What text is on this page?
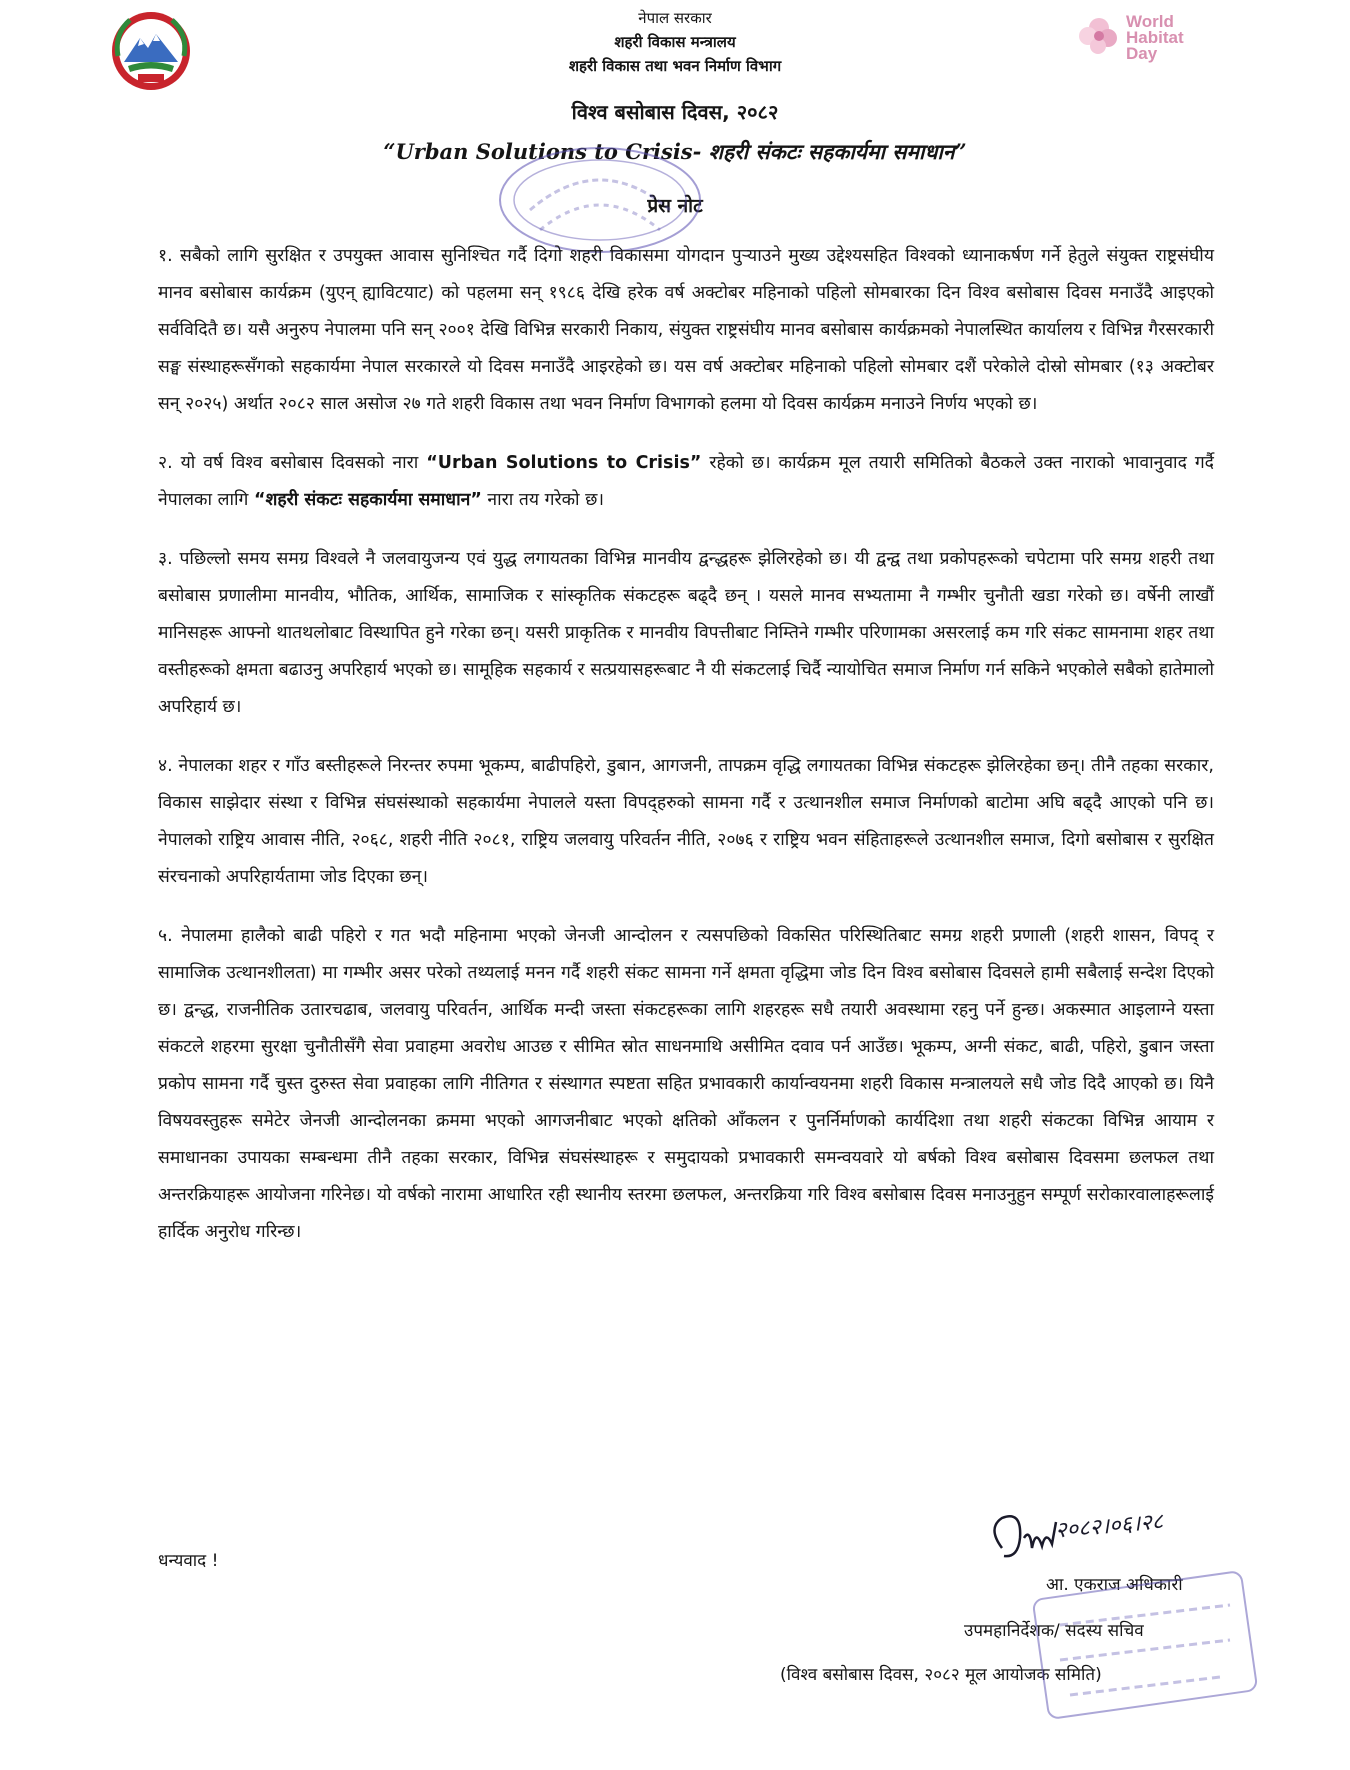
World
Habitat
Day
नेपाल सरकार
शहरी विकास मन्त्रालय
शहरी विकास तथा भवन निर्माण विभाग
विश्व बसोबास दिवस, २०८२
“Urban Solutions to Crisis- शहरी संकटः सहकार्यमा समाधान”
प्रेस नोट

१. सबैको लागि सुरक्षित र उपयुक्त आवास सुनिश्चित गर्दै दिगो शहरी विकासमा योगदान पुऱ्याउने मुख्य उद्देश्यसहित विश्वको ध्यानाकर्षण गर्ने हेतुले संयुक्त राष्ट्रसंघीय मानव बसोबास कार्यक्रम (युएन् ह्याविटयाट) को पहलमा सन् १९८६ देखि हरेक वर्ष अक्टोबर महिनाको पहिलो सोमबारका दिन विश्व बसोबास दिवस मनाउँदै आइएको सर्वविदितै छ। यसै अनुरुप नेपालमा पनि सन् २००१ देखि विभिन्न सरकारी निकाय, संयुक्त राष्ट्रसंघीय मानव बसोबास कार्यक्रमको नेपालस्थित कार्यालय र विभिन्न गैरसरकारी सङ्घ संस्थाहरूसँगको सहकार्यमा नेपाल सरकारले यो दिवस मनाउँदै आइरहेको छ। यस वर्ष अक्टोबर महिनाको पहिलो सोमबार दशैं परेकोले दोस्रो सोमबार (१३ अक्टोबर सन् २०२५) अर्थात २०८२ साल असोज २७ गते शहरी विकास तथा भवन निर्माण विभागको हलमा यो दिवस कार्यक्रम मनाउने निर्णय भएको छ।

२. यो वर्ष विश्व बसोबास दिवसको नारा “Urban Solutions to Crisis” रहेको छ। कार्यक्रम मूल तयारी समितिको बैठकले उक्त नाराको भावानुवाद गर्दै नेपालका लागि “शहरी संकटः सहकार्यमा समाधान” नारा तय गरेको छ।

३. पछिल्लो समय समग्र विश्वले नै जलवायुजन्य एवं युद्ध लगायतका विभिन्न मानवीय द्वन्द्धहरू झेलिरहेको छ। यी द्वन्द्व तथा प्रकोपहरूको चपेटामा परि समग्र शहरी तथा बसोबास प्रणालीमा मानवीय, भौतिक, आर्थिक, सामाजिक र सांस्कृतिक संकटहरू बढ्दै छन् । यसले मानव सभ्यतामा नै गम्भीर चुनौती खडा गरेको छ। वर्षेनी लाखौं मानिसहरू आफ्नो थातथलोबाट विस्थापित हुने गरेका छन्। यसरी प्राकृतिक र मानवीय विपत्तीबाट निम्तिने गम्भीर परिणामका असरलाई कम गरि संकट सामनामा शहर तथा वस्तीहरूको क्षमता बढाउनु अपरिहार्य भएको छ। सामूहिक सहकार्य र सत्प्रयासहरूबाट नै यी संकटलाई चिर्दै न्यायोचित समाज निर्माण गर्न सकिने भएकोले सबैको हातेमालो अपरिहार्य छ।

४. नेपालका शहर र गाँउ बस्तीहरूले निरन्तर रुपमा भूकम्प, बाढीपहिरो, डुबान, आगजनी, तापक्रम वृद्धि लगायतका विभिन्न संकटहरू झेलिरहेका छन्। तीनै तहका सरकार, विकास साझेदार संस्था र विभिन्न संघसंस्थाको सहकार्यमा नेपालले यस्ता विपद्हरुको सामना गर्दै र उत्थानशील समाज निर्माणको बाटोमा अघि बढ्दै आएको पनि छ। नेपालको राष्ट्रिय आवास नीति, २०६८, शहरी नीति २०८१, राष्ट्रिय जलवायु परिवर्तन नीति, २०७६ र राष्ट्रिय भवन संहिताहरूले उत्थानशील समाज, दिगो बसोबास र सुरक्षित संरचनाको अपरिहार्यतामा जोड दिएका छन्।

५. नेपालमा हालैको बाढी पहिरो र गत भदौ महिनामा भएको जेनजी आन्दोलन र त्यसपछिको विकसित परिस्थितिबाट समग्र शहरी प्रणाली (शहरी शासन, विपद् र सामाजिक उत्थानशीलता) मा गम्भीर असर परेको तथ्यलाई मनन गर्दै शहरी संकट सामना गर्ने क्षमता वृद्धिमा जोड दिन विश्व बसोबास दिवसले हामी सबैलाई सन्देश दिएको छ। द्वन्द्ध, राजनीतिक उतारचढाब, जलवायु परिवर्तन, आर्थिक मन्दी जस्ता संकटहरूका लागि शहरहरू सधै तयारी अवस्थामा रहनु पर्ने हुन्छ। अकस्मात आइलाग्ने यस्ता संकटले शहरमा सुरक्षा चुनौतीसँगै सेवा प्रवाहमा अवरोध आउछ र सीमित स्रोत साधनमाथि असीमित दवाव पर्न आउँछ। भूकम्प, अग्नी संकट, बाढी, पहिरो, डुबान जस्ता प्रकोप सामना गर्दै चुस्त दुरुस्त सेवा प्रवाहका लागि नीतिगत र संस्थागत स्पष्टता सहित प्रभावकारी कार्यान्वयनमा शहरी विकास मन्त्रालयले सधै जोड दिदै आएको छ। यिनै विषयवस्तुहरू समेटेर जेनजी आन्दोलनका क्रममा भएको आगजनीबाट भएको क्षतिको आँकलन र पुनर्निर्माणको कार्यदिशा तथा शहरी संकटका विभिन्न आयाम र समाधानका उपायका सम्बन्धमा तीनै तहका सरकार, विभिन्न संघसंस्थाहरू र समुदायको प्रभावकारी समन्वयवारे यो बर्षको विश्व बसोबास दिवसमा छलफल तथा अन्तरक्रियाहरू आयोजना गरिनेछ। यो वर्षको नारामा आधारित रही स्थानीय स्तरमा छलफल, अन्तरक्रिया गरि विश्व बसोबास दिवस मनाउनुहुन सम्पूर्ण सरोकारवालाहरूलाई हार्दिक अनुरोध गरिन्छ।

धन्यवाद !
२०८२।०६।२८
आ. एकराज अधिकारी
उपमहानिर्देशक/ सदस्य सचिव
(विश्व बसोबास दिवस, २०८२ मूल आयोजक समिति)
